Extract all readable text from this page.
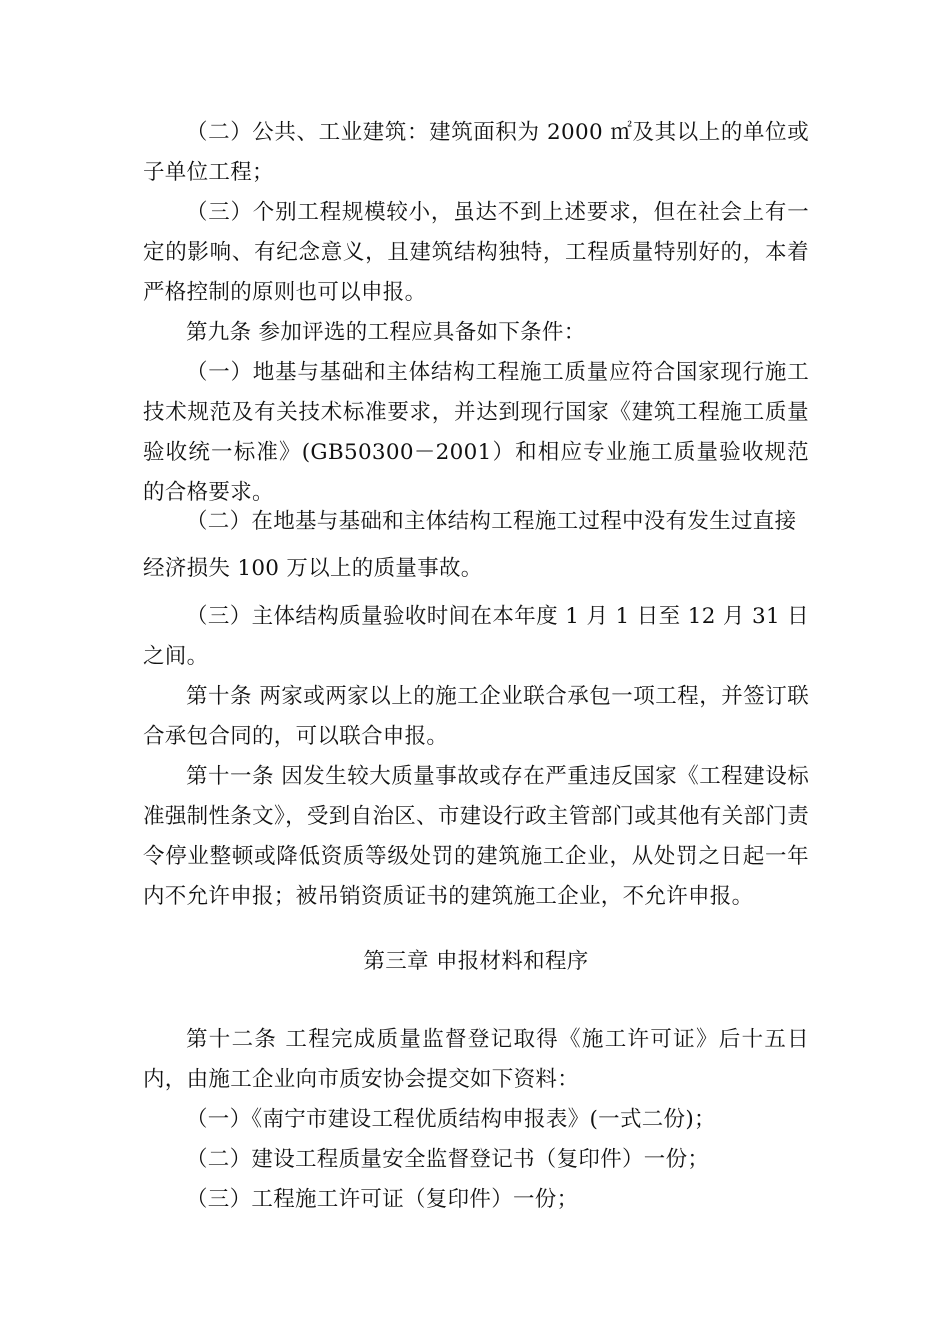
（二）公共、工业建筑：建筑面积为 2000 ㎡及其以上的单位或子单位工程；

（三）个别工程规模较小，虽达不到上述要求，但在社会上有一定的影响、有纪念意义，且建筑结构独特，工程质量特别好的，本着严格控制的原则也可以申报。

第九条 参加评选的工程应具备如下条件：

（一）地基与基础和主体结构工程施工质量应符合国家现行施工技术规范及有关技术标准要求，并达到现行国家《建筑工程施工质量验收统一标准》(GB50300－2001）和相应专业施工质量验收规范的合格要求。

（二）在地基与基础和主体结构工程施工过程中没有发生过直接

经济损失 100 万以上的质量事故。

（三）主体结构质量验收时间在本年度 1 月 1 日至 12 月 31 日之间。

第十条 两家或两家以上的施工企业联合承包一项工程，并签订联合承包合同的，可以联合申报。

第十一条 因发生较大质量事故或存在严重违反国家《工程建设标准强制性条文》，受到自治区、市建设行政主管部门或其他有关部门责令停业整顿或降低资质等级处罚的建筑施工企业，从处罚之日起一年内不允许申报；被吊销资质证书的建筑施工企业，不允许申报。

第三章 申报材料和程序

第十二条 工程完成质量监督登记取得《施工许可证》后十五日内，由施工企业向市质安协会提交如下资料：

（一）《南宁市建设工程优质结构申报表》(一式二份)；

（二）建设工程质量安全监督登记书（复印件）一份；

（三）工程施工许可证（复印件）一份；
